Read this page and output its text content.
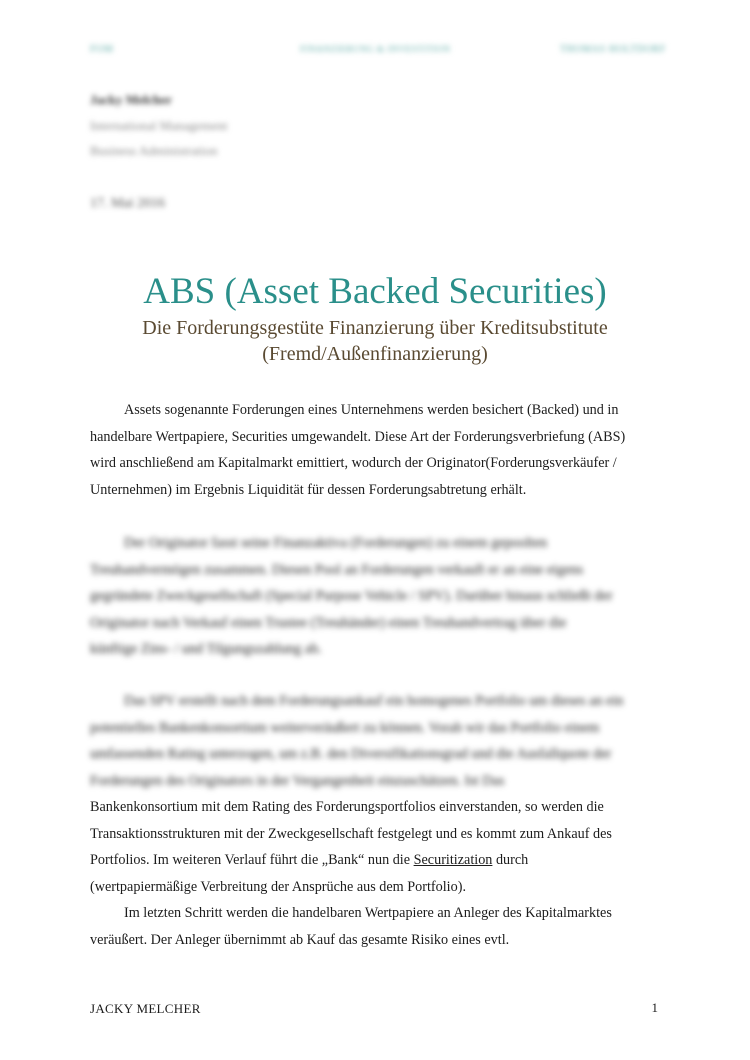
FOM	FINANZIERUNG & INVESTITION	THOMAS HOLTDORF
Jacky Melcher
International Management
Business Administration
17. Mai 2016
ABS (Asset Backed Securities)
Die Forderungsgestüte Finanzierung über Kreditsubstitute
(Fremd/Außenfinanzierung)
Assets sogenannte Forderungen eines Unternehmens werden besichert (Backed) und in
handelbare Wertpapiere, Securities umgewandelt. Diese Art der Forderungsverbriefung (ABS)
wird anschließend am Kapitalmarkt emittiert, wodurch der Originator(Forderungsverkäufer /
Unternehmen) im Ergebnis Liquidität für dessen Forderungsabtretung erhält.
Der Originator fasst seine Finanzaktiva (Forderungen) zu einem gepoolten
Treuhandvermögen zusammen. Diesen Pool an Forderungen verkauft er an eine eigens
gegründete Zweckgesellschaft (Special Purpose Vehicle / SPV). Darüber hinaus schließt der
Originator nach Verkauf einen Trustee (Treuhänder) einen Treuhandvertrag über die
künftige Zins- / und Tilgungszahlung ab.
Das SPV erstellt nach dem Forderungsankauf ein homogenes Portfolio um dieses an ein
potentielles Bankenkonsortium weiterveräußert zu können. Vorab wir das Portfolio einem
umfassenden Rating unterzogen, um z.B. den Diversifikationsgrad und die Ausfallquote der
Forderungen des Originators in der Vergangenheit einzuschätzen. Ist Das
Bankenkonsortium mit dem Rating des Forderungsportfolios einverstanden, so werden die
Transaktionsstrukturen mit der Zweckgesellschaft festgelegt und es kommt zum Ankauf des
Portfolios. Im weiteren Verlauf führt die „Bank“ nun die Securitization durch
(wertpapiermäßige Verbreitung der Ansprüche aus dem Portfolio).
Im letzten Schritt werden die handelbaren Wertpapiere an Anleger des Kapitalmarktes
veräußert. Der Anleger übernimmt ab Kauf das gesamte Risiko eines evtl.
JACKY MELCHER	1
